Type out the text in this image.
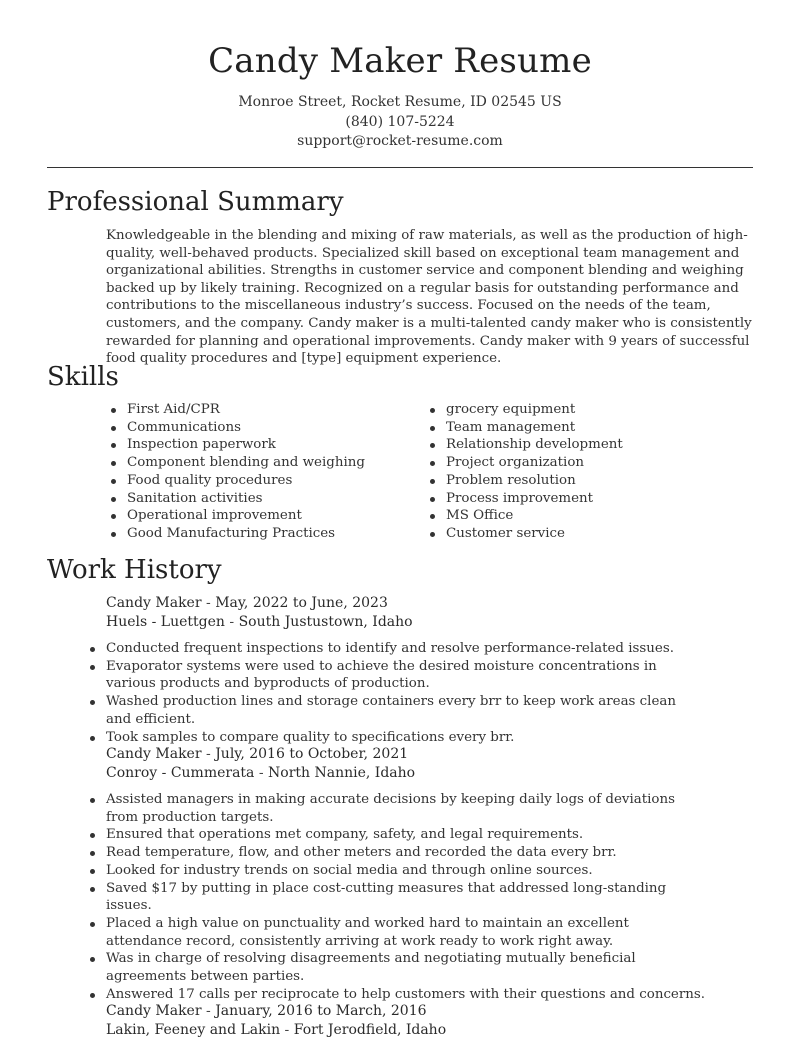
Candy Maker Resume
Monroe Street, Rocket Resume, ID 02545 US
(840) 107-5224
support@rocket-resume.com
Professional Summary

Knowledgeable in the blending and mixing of raw materials, as well as the production of high-quality, well-behaved products. Specialized skill based on exceptional team management and organizational abilities. Strengths in customer service and component blending and weighing backed up by likely training. Recognized on a regular basis for outstanding performance and contributions to the miscellaneous industry’s success. Focused on the needs of the team, customers, and the company. Candy maker is a multi-talented candy maker who is consistently rewarded for planning and operational improvements. Candy maker with 9 years of successful food quality procedures and [type] equipment experience.

Skills
First Aid/CPR
Communications
Inspection paperwork
Component blending and weighing
Food quality procedures
Sanitation activities
Operational improvement
Good Manufacturing Practices
grocery equipment
Team management
Relationship development
Project organization
Problem resolution
Process improvement
MS Office
Customer service
Work History
Candy Maker - May, 2022 to June, 2023
Huels - Luettgen - South Justustown, Idaho
Conducted frequent inspections to identify and resolve performance-related issues.
Evaporator systems were used to achieve the desired moisture concentrations in various products and byproducts of production.
Washed production lines and storage containers every brr to keep work areas clean and efficient.
Took samples to compare quality to specifications every brr.
Candy Maker - July, 2016 to October, 2021
Conroy - Cummerata - North Nannie, Idaho
Assisted managers in making accurate decisions by keeping daily logs of deviations from production targets.
Ensured that operations met company, safety, and legal requirements.
Read temperature, flow, and other meters and recorded the data every brr.
Looked for industry trends on social media and through online sources.
Saved $17 by putting in place cost-cutting measures that addressed long-standing issues.
Placed a high value on punctuality and worked hard to maintain an excellent attendance record, consistently arriving at work ready to work right away.
Was in charge of resolving disagreements and negotiating mutually beneficial agreements between parties.
Answered 17 calls per reciprocate to help customers with their questions and concerns.
Candy Maker - January, 2016 to March, 2016
Lakin, Feeney and Lakin - Fort Jerodfield, Idaho
